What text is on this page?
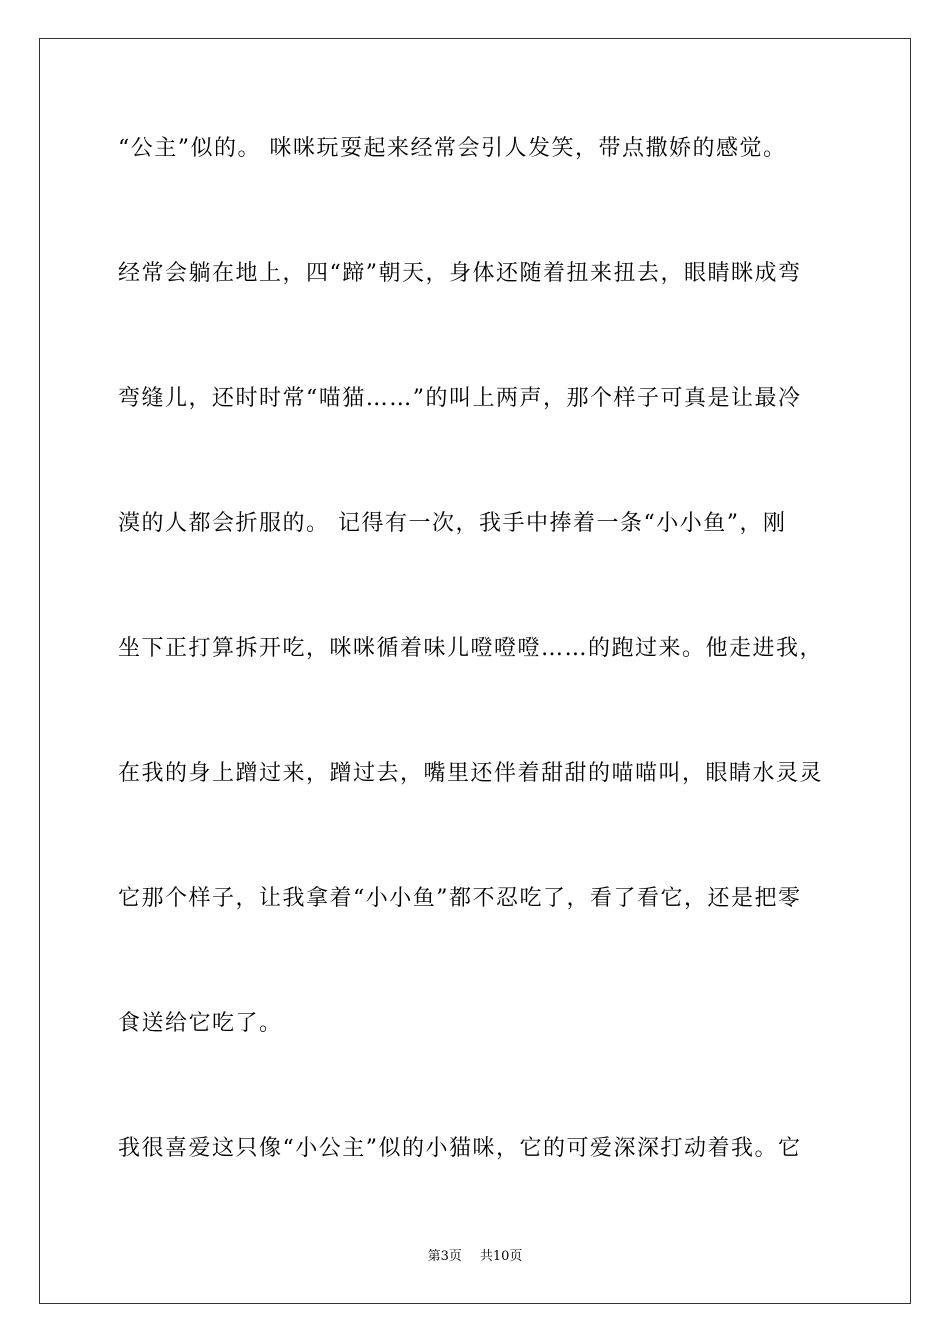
“公主”似的。 咪咪玩耍起来经常会引人发笑，带点撒娇的感觉。
经常会躺在地上，四“蹄”朝天，身体还随着扭来扭去，眼睛眯成弯
弯缝儿，还时时常“喵猫……”的叫上两声，那个样子可真是让最冷
漠的人都会折服的。 记得有一次，我手中捧着一条“小小鱼”，刚
坐下正打算拆开吃，咪咪循着味儿噔噔噔……的跑过来。他走进我，
在我的身上蹭过来，蹭过去，嘴里还伴着甜甜的喵喵叫，眼睛水灵灵
它那个样子，让我拿着“小小鱼”都不忍吃了，看了看它，还是把零
食送给它吃了。
我很喜爱这只像“小公主”似的小猫咪，它的可爱深深打动着我。它
第3页 共10页
